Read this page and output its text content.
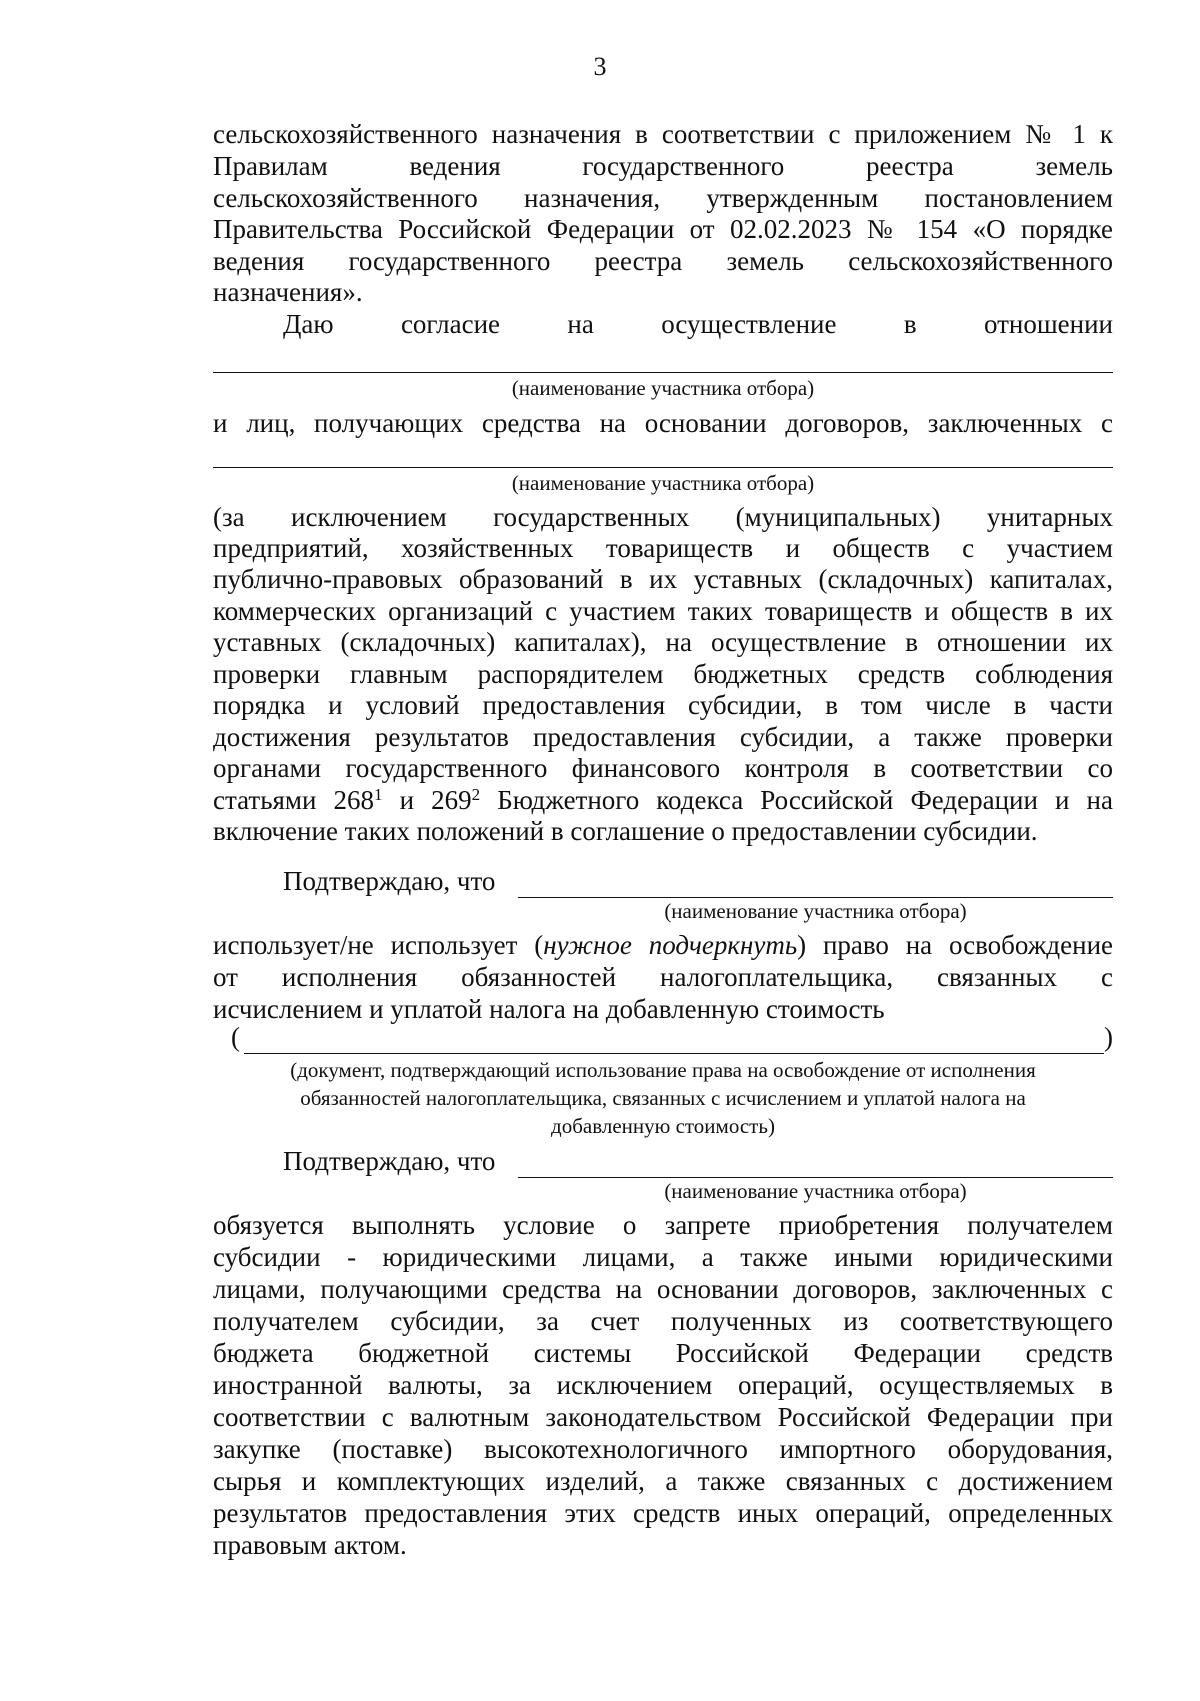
3
сельскохозяйственного назначения в соответствии с приложением № 1 к
Правилам ведения государственного реестра земель
сельскохозяйственного назначения, утвержденным постановлением
Правительства Российской Федерации от 02.02.2023 № 154 «О порядке
ведения государственного реестра земель сельскохозяйственного
назначения».
Даю согласие на осуществление в отношении
(наименование участника отбора)
и лиц, получающих средства на основании договоров, заключенных с
(наименование участника отбора)
(за исключением государственных (муниципальных) унитарных
предприятий, хозяйственных товариществ и обществ с участием
публично-правовых образований в их уставных (складочных) капиталах,
коммерческих организаций с участием таких товариществ и обществ в их
уставных (складочных) капиталах), на осуществление в отношении их
проверки главным распорядителем бюджетных средств соблюдения
порядка и условий предоставления субсидии, в том числе в части
достижения результатов предоставления субсидии, а также проверки
органами государственного финансового контроля в соответствии со
статьями $268^1$ и $269^2$ Бюджетного кодекса Российской Федерации и на
включение таких положений в соглашение о предоставлении субсидии.
Подтверждаю, что
(наименование участника отбора)
использует/не использует (нужное подчеркнуть) право на освобождение
от исполнения обязанностей налогоплательщика, связанных с
исчислением и уплатой налога на добавленную стоимость
(	)
(документ, подтверждающий использование права на освобождение от исполнения
обязанностей налогоплательщика, связанных с исчислением и уплатой налога на
добавленную стоимость)
Подтверждаю, что
(наименование участника отбора)
обязуется выполнять условие о запрете приобретения получателем
субсидии - юридическими лицами, а также иными юридическими
лицами, получающими средства на основании договоров, заключенных с
получателем субсидии, за счет полученных из соответствующего
бюджета бюджетной системы Российской Федерации средств
иностранной валюты, за исключением операций, осуществляемых в
соответствии с валютным законодательством Российской Федерации при
закупке (поставке) высокотехнологичного импортного оборудования,
сырья и комплектующих изделий, а также связанных с достижением
результатов предоставления этих средств иных операций, определенных
правовым актом.
